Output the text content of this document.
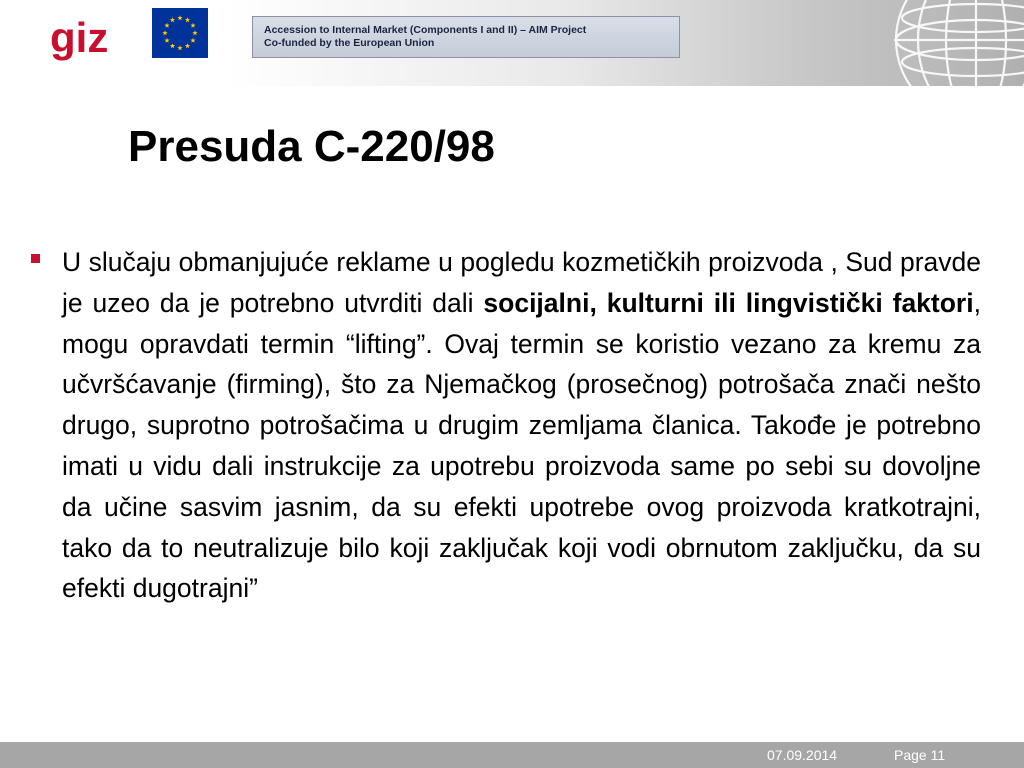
giz	Accession to Internal Market (Components I and II) – AIM Project
Co-funded by the European Union
Presuda C-220/98

U slučaju obmanjujuće reklame u pogledu kozmetičkih proizvoda , Sud pravde je uzeo da je potrebno utvrditi dali socijalni, kulturni ili lingvistički faktori, mogu opravdati termin “lifting”. Ovaj termin se koristio vezano za kremu za učvršćavanje (firming), što za Njemačkog (prosečnog) potrošača znači nešto drugo, suprotno potrošačima u drugim zemljama članica. Takođe je potrebno imati u vidu dali instrukcije za upotrebu proizvoda same po sebi su dovoljne da učine sasvim jasnim, da su efekti upotrebe ovog proizvoda kratkotrajni, tako da to neutralizuje bilo koji zaključak koji vodi obrnutom zaključku, da su efekti dugotrajni”

07.09.2014	Page 11
